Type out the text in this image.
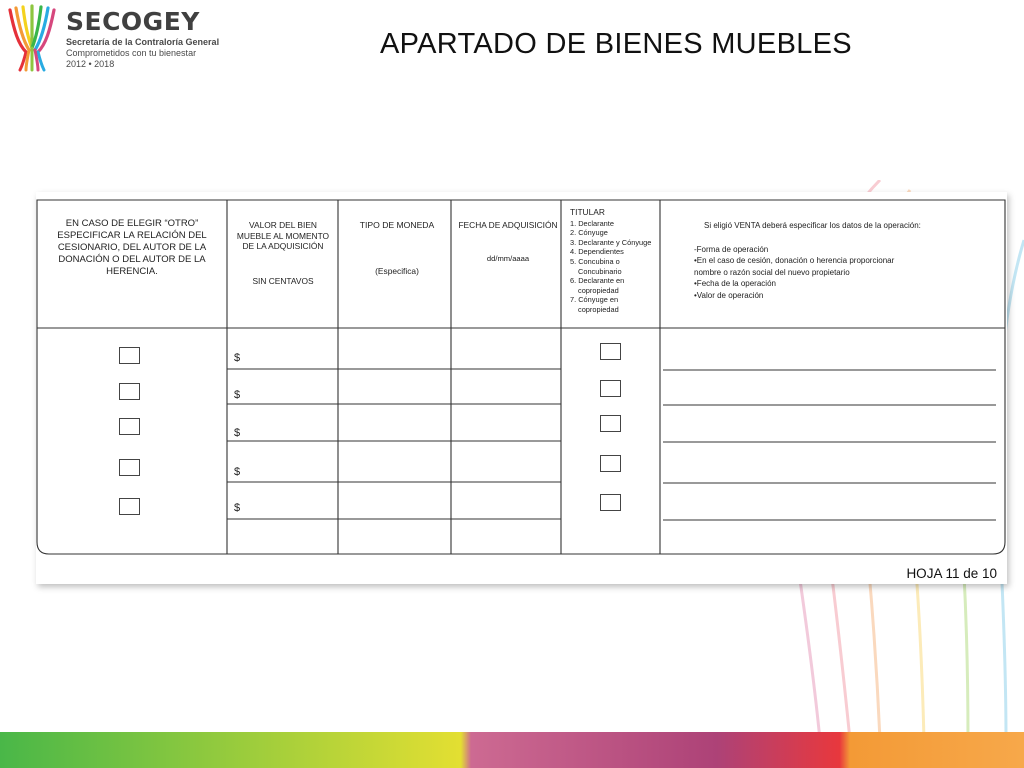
SECOGEY
Secretaría de la Contraloría General
Comprometidos con tu bienestar
2012 • 2018
APARTADO DE BIENES MUEBLES
EN CASO DE ELEGIR “OTRO” ESPECIFICAR LA RELACIÓN DEL CESIONARIO, DEL AUTOR DE LA DONACIÓN O DEL AUTOR DE LA HERENCIA.
VALOR DEL BIEN MUEBLE AL MOMENTO DE LA ADQUISICIÓN
SIN CENTAVOS
TIPO DE MONEDA
(Especifica)
FECHA DE ADQUISICIÓN
dd/mm/aaaa
TITULAR
1. Declarante
2. Cónyuge
3. Declarante y Cónyuge
4. Dependientes
5. Concubina o
Concubinario
6. Declarante en
copropiedad
7. Cónyuge en
copropiedad
Si eligió VENTA deberá especificar los datos de la operación:
-Forma de operación
•En el caso de cesión, donación o herencia proporcionar
nombre o razón social del nuevo propietario
•Fecha de la operación
•Valor de operación
$
$
$
$
$
HOJA 11 de 10
